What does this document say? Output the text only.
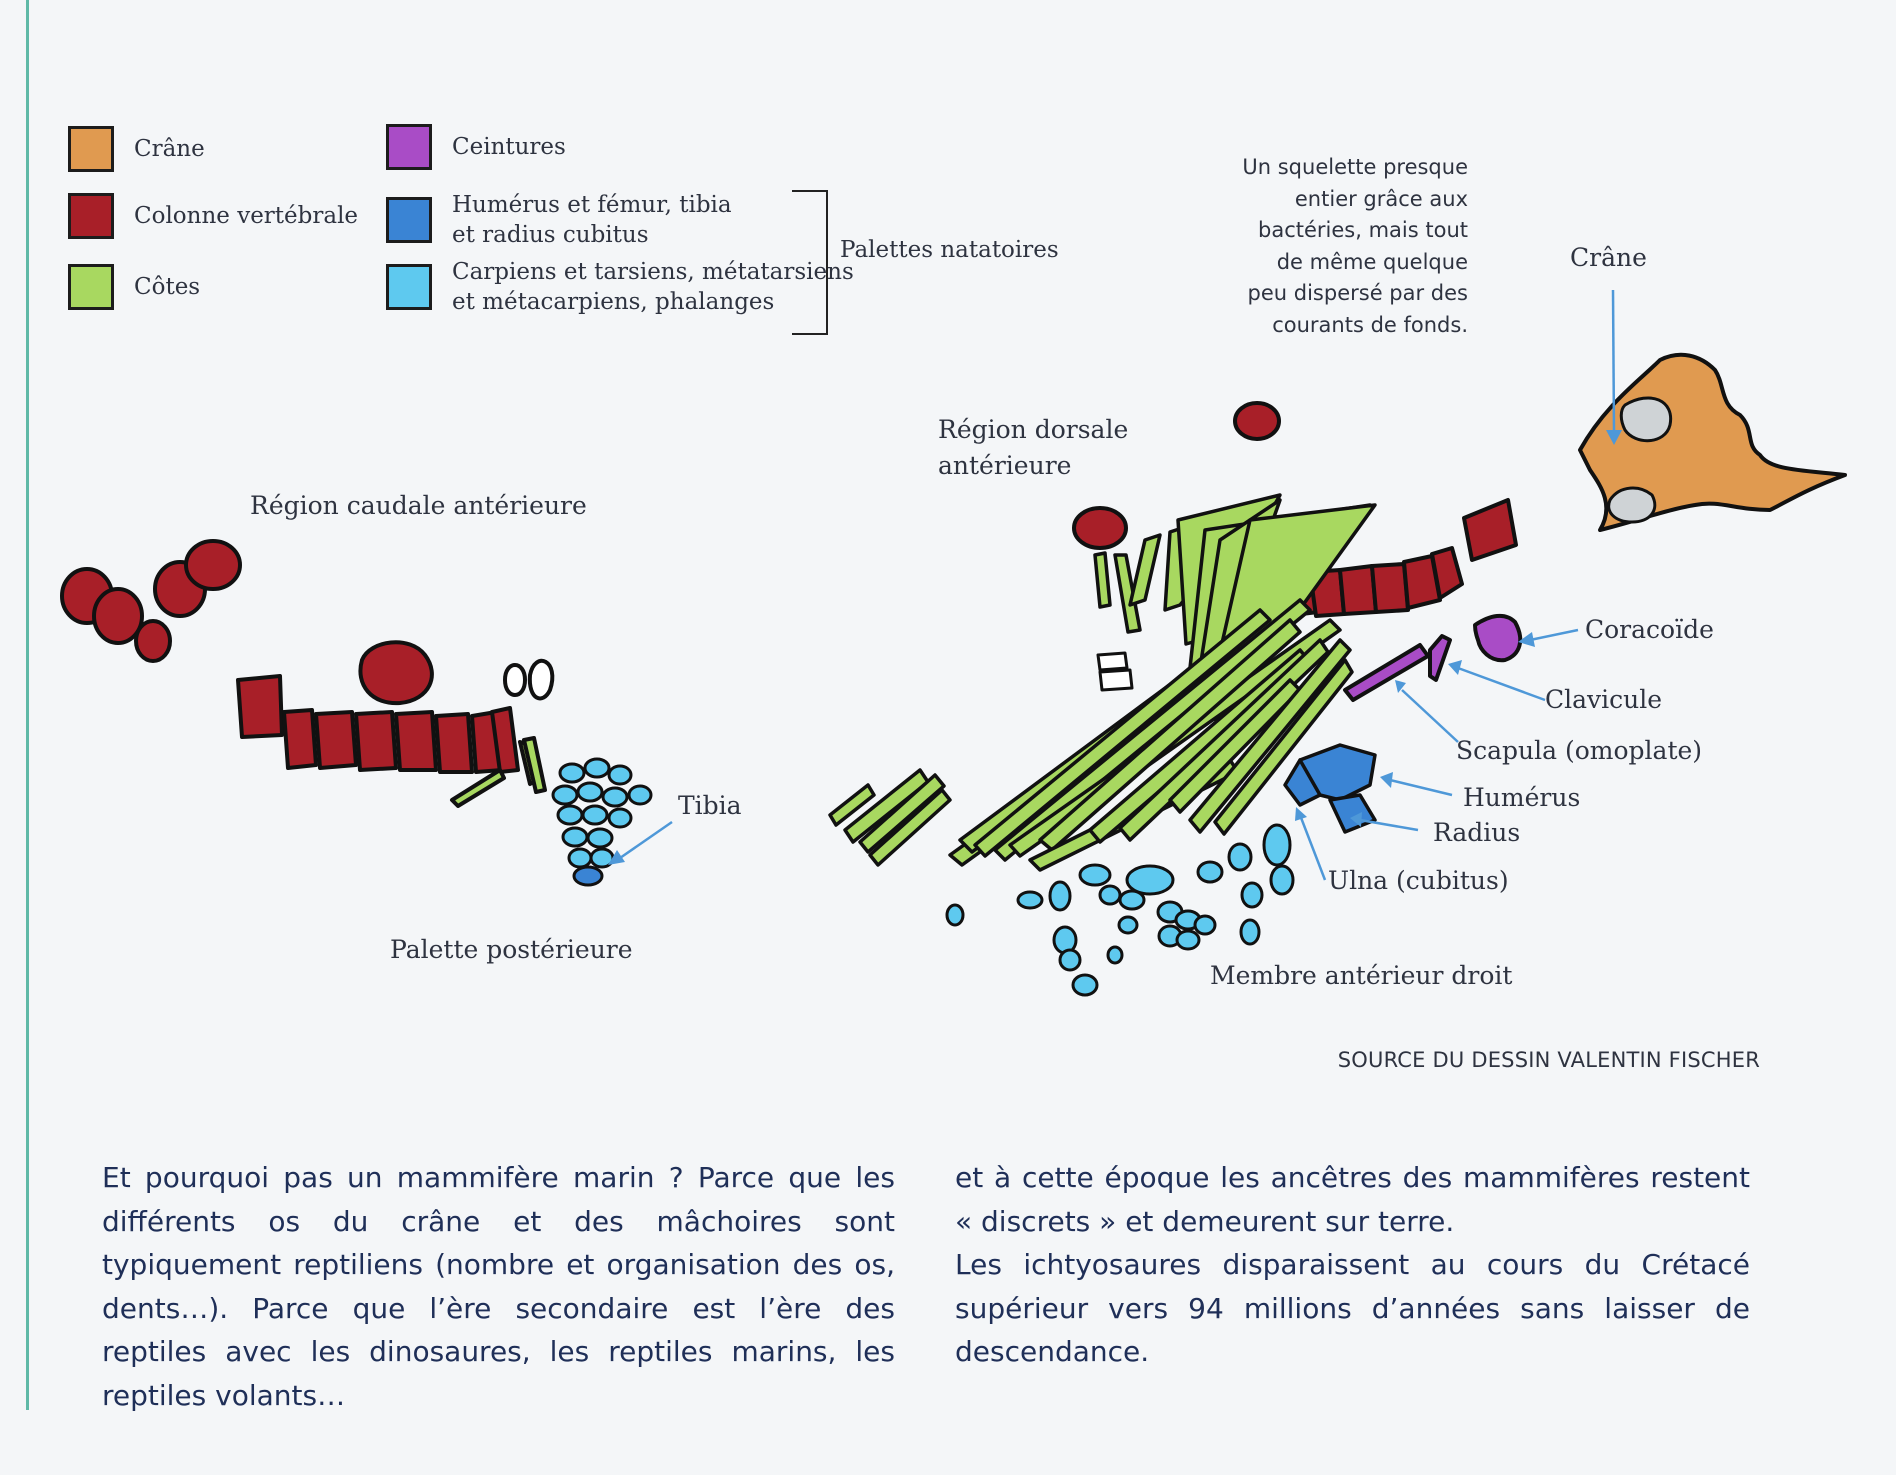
Crâne
Colonne vertébrale
Côtes
Ceintures
Humérus et fémur, tibia
et radius cubitus
Carpiens et tarsiens, métatarsiens
et métacarpiens, phalanges
Palettes natatoires
Un squelette presque
entier grâce aux
bactéries, mais tout
de même quelque
peu dispersé par des
courants de fonds.
Région caudale antérieure
Région dorsale
antérieure
Crâne
Tibia
Palette postérieure
Coracoïde
Clavicule
Scapula (omoplate)
Humérus
Radius
Ulna (cubitus)
Membre antérieur droit
SOURCE DU DESSIN VALENTIN FISCHER

Et pourquoi pas un mammifère marin ? Parce que les différents os du crâne et des mâchoires sont typiquement reptiliens (nombre et organisation des os, dents…). Parce que l’ère secondaire est l’ère des reptiles avec les dinosaures, les reptiles marins, les reptiles volants…

et à cette époque les ancêtres des mammifères restent « discrets » et demeurent sur terre.

Les ichtyosaures disparaissent au cours du Crétacé supérieur vers 94 millions d’années sans laisser de descendance.
